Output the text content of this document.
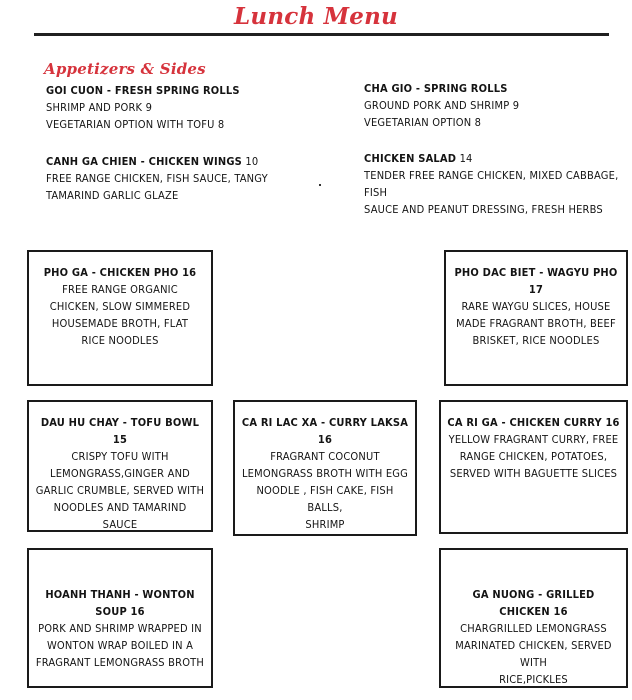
Lunch Menu
Appetizers & Sides
GOI CUON - FRESH SPRING ROLLS
SHRIMP AND PORK 9
VEGETARIAN OPTION WITH TOFU 8
CHA GIO - SPRING ROLLS
GROUND PORK AND SHRIMP 9
VEGETARIAN OPTION 8
CANH GA CHIEN - CHICKEN WINGS 10
FREE RANGE CHICKEN, FISH SAUCE, TANGY
TAMARIND GARLIC GLAZE
CHICKEN SALAD 14
TENDER FREE RANGE CHICKEN, MIXED CABBAGE, FISH
SAUCE AND PEANUT DRESSING, FRESH HERBS
PHO GA - CHICKEN PHO 16
FREE RANGE ORGANIC
CHICKEN, SLOW SIMMERED
HOUSEMADE BROTH, FLAT
RICE NOODLES
PHO DAC BIET - WAGYU PHO 17
RARE WAYGU SLICES, HOUSE
MADE FRAGRANT BROTH, BEEF
BRISKET, RICE NOODLES
DAU HU CHAY - TOFU BOWL 15
CRISPY TOFU WITH
LEMONGRASS,GINGER AND
GARLIC CRUMBLE, SERVED WITH
NOODLES AND TAMARIND SAUCE
CA RI LAC XA - CURRY LAKSA 16
FRAGRANT COCONUT
LEMONGRASS BROTH WITH EGG
NOODLE , FISH CAKE, FISH BALLS,
SHRIMP
CA RI GA - CHICKEN CURRY 16
YELLOW FRAGRANT CURRY, FREE
RANGE CHICKEN, POTATOES,
SERVED WITH BAGUETTE SLICES
HOANH THANH - WONTON SOUP 16
PORK AND SHRIMP WRAPPED IN
WONTON WRAP BOILED IN A
FRAGRANT LEMONGRASS BROTH
GA NUONG - GRILLED CHICKEN 16
CHARGRILLED LEMONGRASS
MARINATED CHICKEN, SERVED WITH
RICE,PICKLES
